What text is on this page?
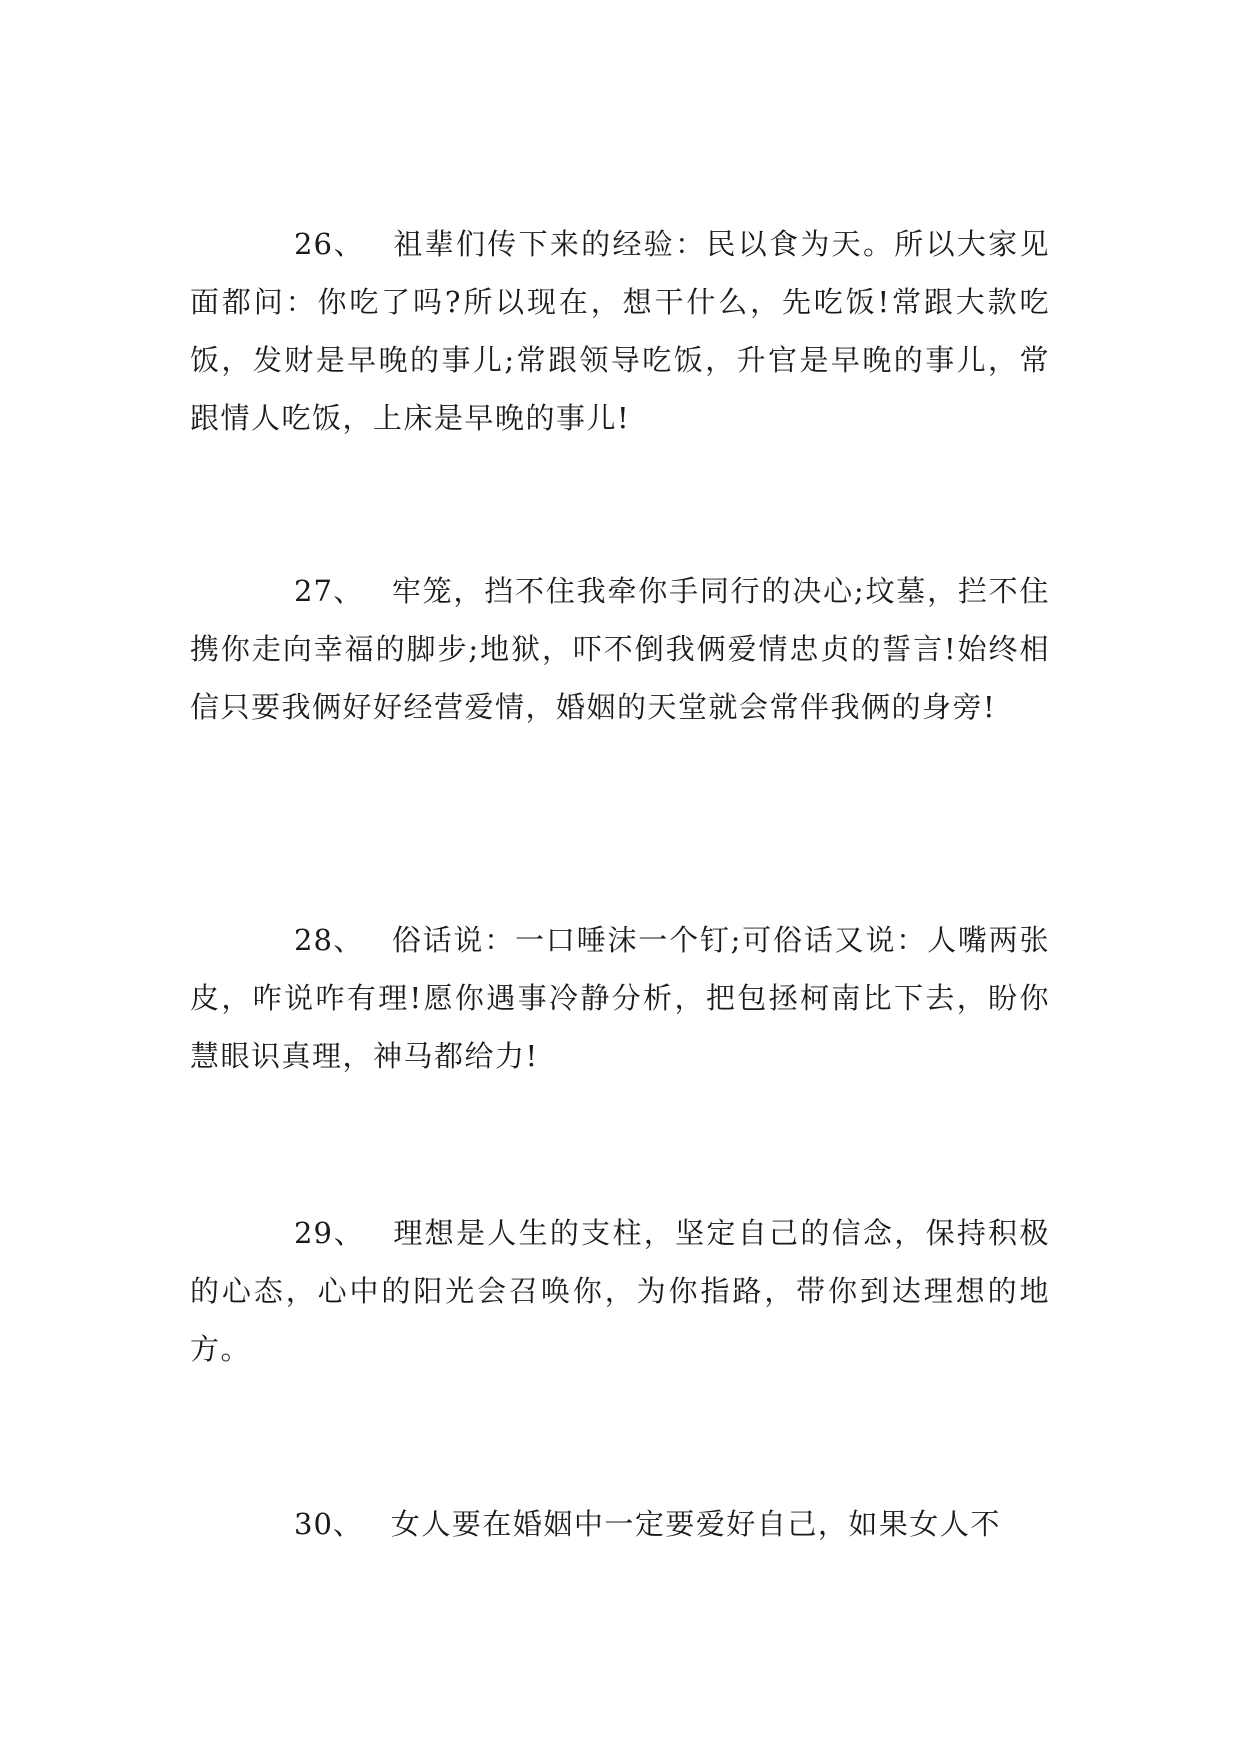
26、 祖辈们传下来的经验：民以食为天。所以大家见面都问：你吃了吗?所以现在，想干什么，先吃饭!常跟大款吃饭，发财是早晚的事儿;常跟领导吃饭，升官是早晚的事儿，常跟情人吃饭，上床是早晚的事儿!

27、 牢笼，挡不住我牵你手同行的决心;坟墓，拦不住携你走向幸福的脚步;地狱，吓不倒我俩爱情忠贞的誓言!始终相信只要我俩好好经营爱情，婚姻的天堂就会常伴我俩的身旁!

28、 俗话说：一口唾沫一个钉;可俗话又说：人嘴两张皮，咋说咋有理!愿你遇事冷静分析，把包拯柯南比下去，盼你慧眼识真理，神马都给力!

29、 理想是人生的支柱，坚定自己的信念，保持积极的心态，心中的阳光会召唤你，为你指路，带你到达理想的地方。

30、 女人要在婚姻中一定要爱好自己，如果女人不
